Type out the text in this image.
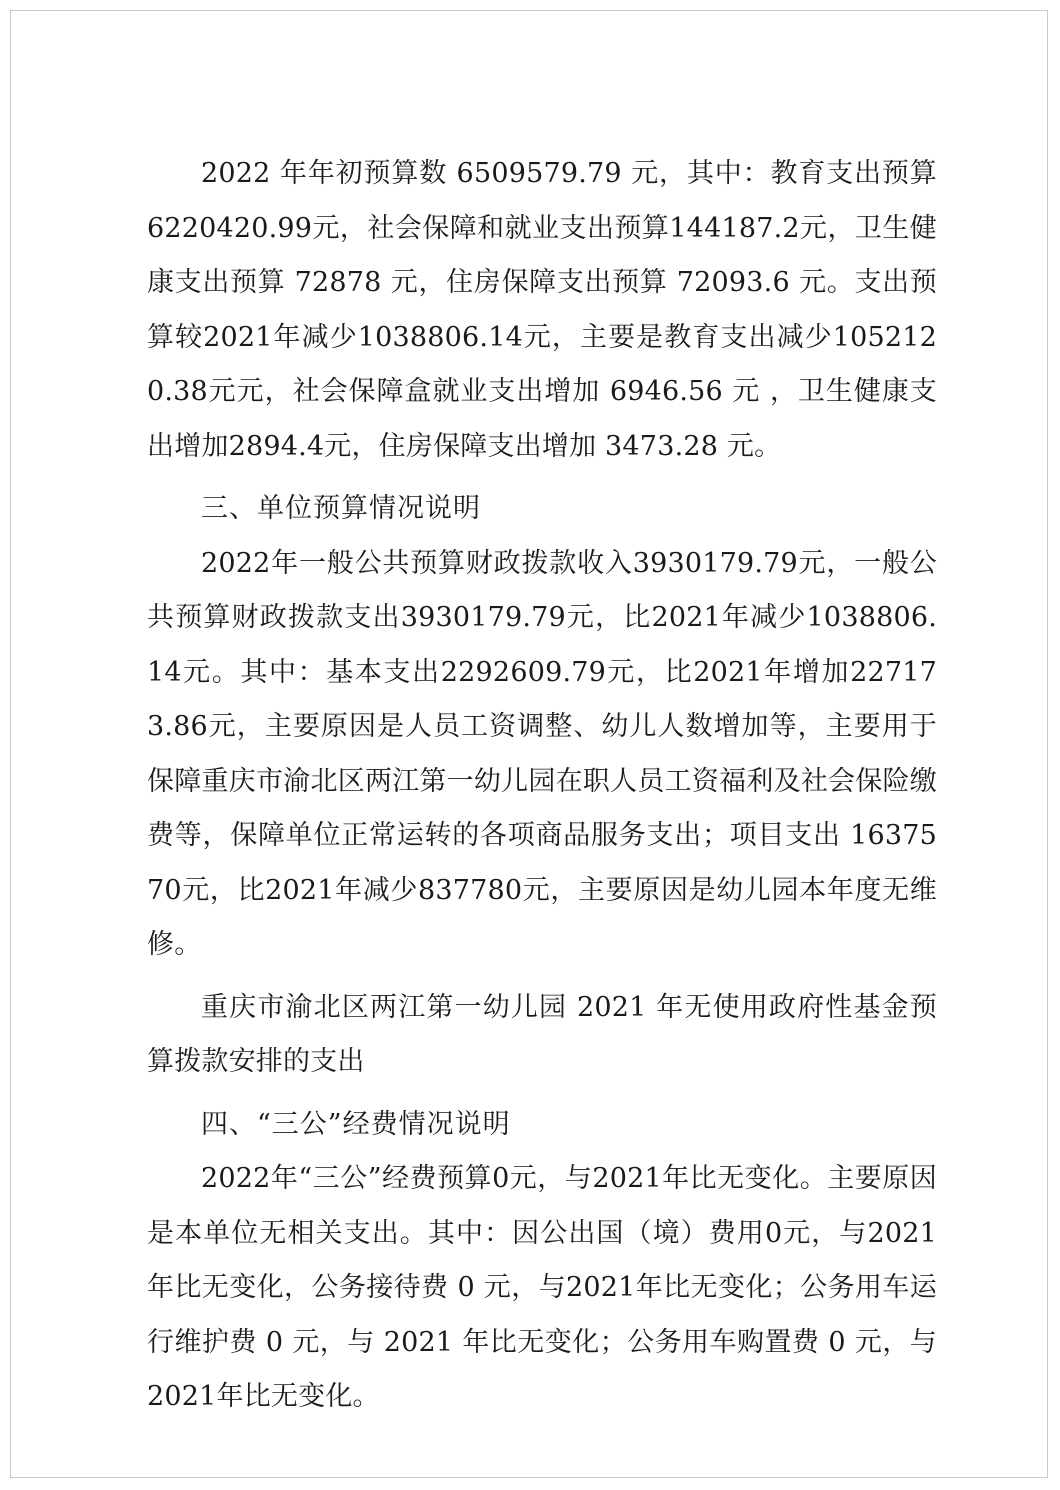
2022 年年初预算数 6509579.79 元，其中：教育支出预算6220420.99元，社会保障和就业支出预算144187.2元，卫生健康支出预算 72878 元，住房保障支出预算 72093.6 元。支出预算较2021年减少1038806.14元，主要是教育支出减少1052120.38元元，社会保障盒就业支出增加 6946.56 元 ，卫生健康支出增加2894.4元，住房保障支出增加 3473.28 元。

三、单位预算情况说明

2022年一般公共预算财政拨款收入3930179.79元，一般公共预算财政拨款支出3930179.79元，比2021年减少1038806.14元。其中：基本支出2292609.79元，比2021年增加227173.86元，主要原因是人员工资调整、幼儿人数增加等，主要用于保障重庆市渝北区两江第一幼儿园在职人员工资福利及社会保险缴费等，保障单位正常运转的各项商品服务支出；项目支出 1637570元，比2021年减少837780元，主要原因是幼儿园本年度无维修。

重庆市渝北区两江第一幼儿园 2021 年无使用政府性基金预算拨款安排的支出

四、“三公”经费情况说明

2022年“三公”经费预算0元，与2021年比无变化。主要原因是本单位无相关支出。其中：因公出国（境）费用0元，与2021年比无变化，公务接待费 0 元，与2021年比无变化；公务用车运行维护费 0 元，与 2021 年比无变化；公务用车购置费 0 元，与2021年比无变化。
